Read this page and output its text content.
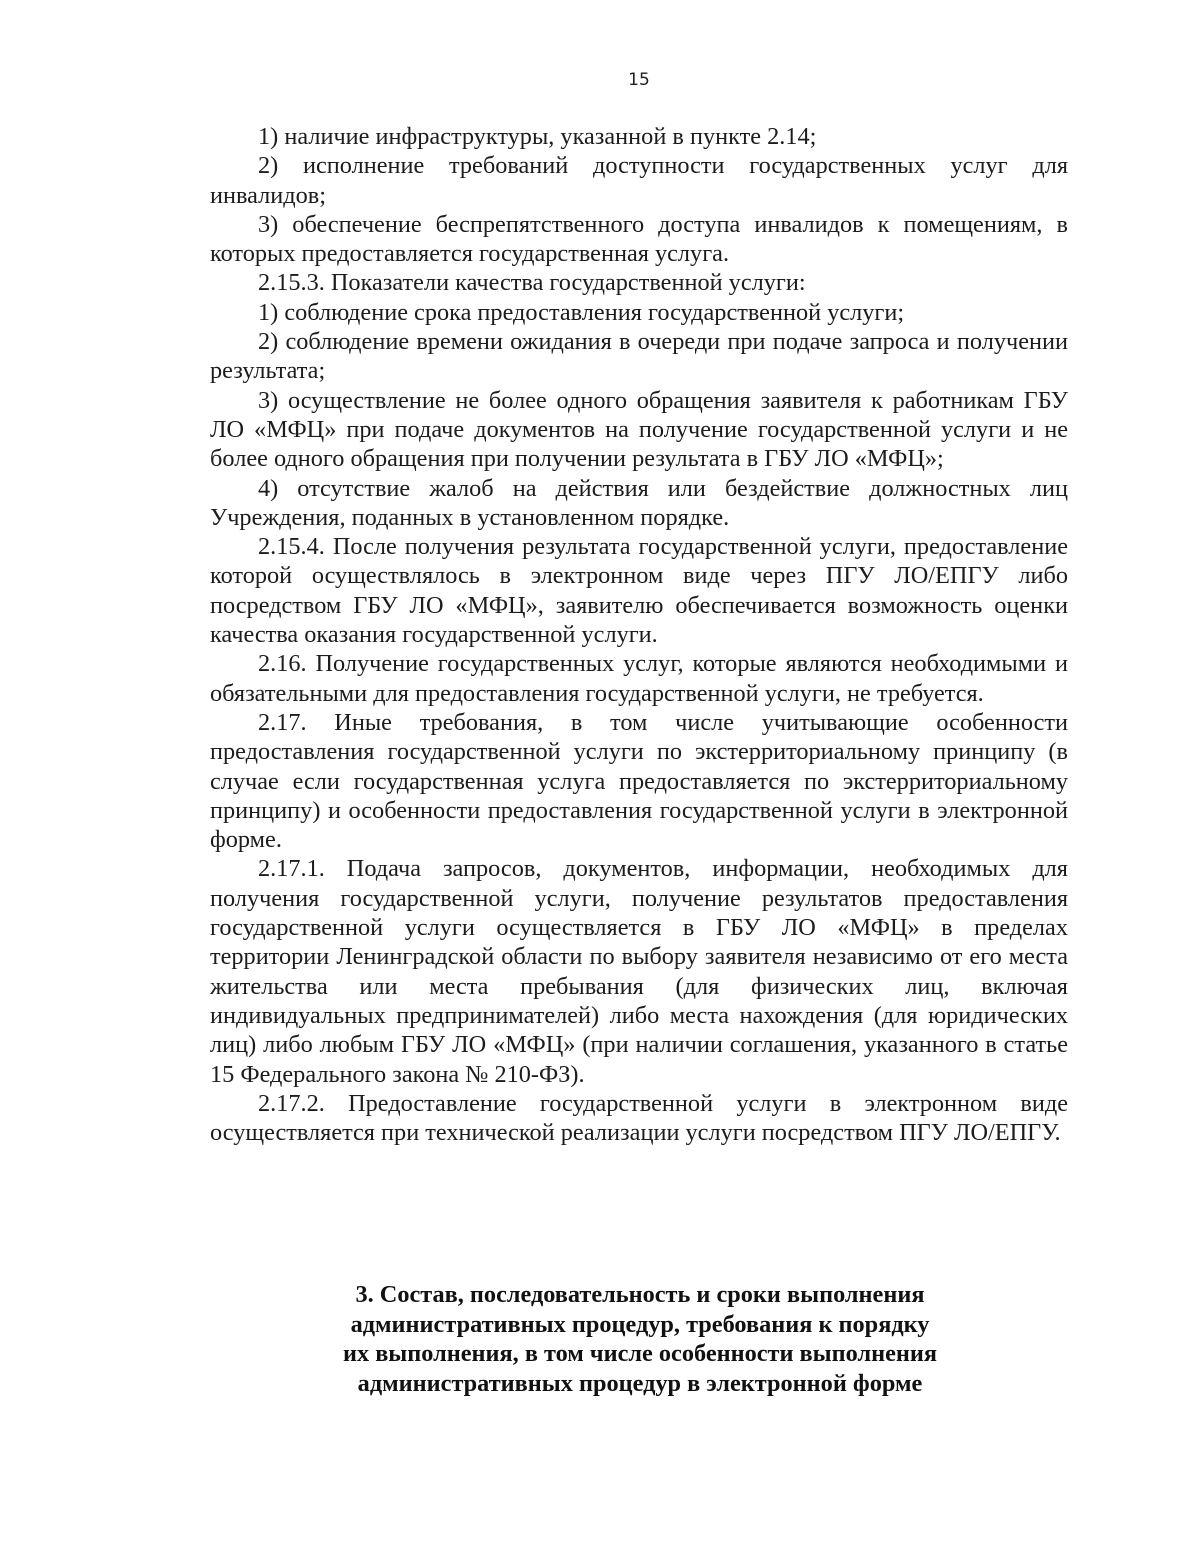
15

1) наличие инфраструктуры, указанной в пункте 2.14;

2) исполнение требований доступности государственных услуг для инвалидов;

3) обеспечение беспрепятственного доступа инвалидов к помещениям, в которых предоставляется государственная услуга.

2.15.3. Показатели качества государственной услуги:

1) соблюдение срока предоставления государственной услуги;

2) соблюдение времени ожидания в очереди при подаче запроса и получении результата;

3) осуществление не более одного обращения заявителя к работникам ГБУ ЛО «МФЦ» при подаче документов на получение государственной услуги и не более одного обращения при получении результата в ГБУ ЛО «МФЦ»;

4) отсутствие жалоб на действия или бездействие должностных лиц Учреждения, поданных в установленном порядке.

2.15.4. После получения результата государственной услуги, предоставление которой осуществлялось в электронном виде через ПГУ ЛО/ЕПГУ либо посредством ГБУ ЛО «МФЦ», заявителю обеспечивается возможность оценки качества оказания государственной услуги.

2.16. Получение государственных услуг, которые являются необходимыми и обязательными для предоставления государственной услуги, не требуется.

2.17. Иные требования, в том числе учитывающие особенности предоставления государственной услуги по экстерриториальному принципу (в случае если государственная услуга предоставляется по экстерриториальному принципу) и особенности предоставления государственной услуги в электронной форме.

2.17.1. Подача запросов, документов, информации, необходимых для получения государственной услуги, получение результатов предоставления государственной услуги осуществляется в ГБУ ЛО «МФЦ» в пределах территории Ленинградской области по выбору заявителя независимо от его места жительства или места пребывания (для физических лиц, включая индивидуальных предпринимателей) либо места нахождения (для юридических лиц) либо любым ГБУ ЛО «МФЦ» (при наличии соглашения, указанного в статье 15 Федерального закона № 210-ФЗ).

2.17.2. Предоставление государственной услуги в электронном виде осуществляется при технической реализации услуги посредством ПГУ ЛО/ЕПГУ.

3. Состав, последовательность и сроки выполнения
административных процедур, требования к порядку
их выполнения, в том числе особенности выполнения
административных процедур в электронной форме
